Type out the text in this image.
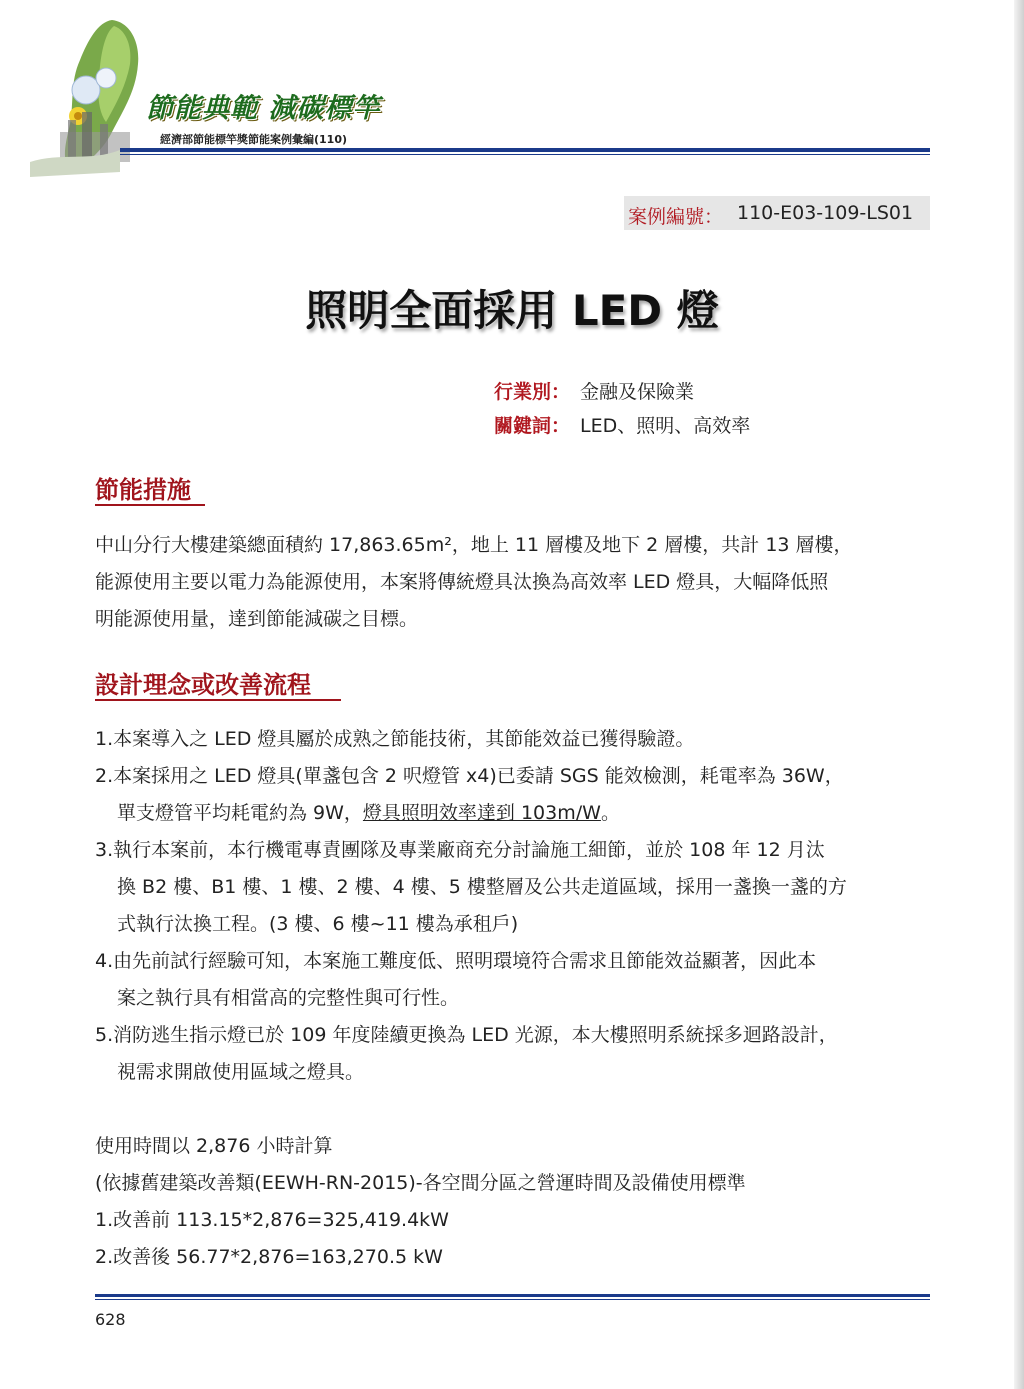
節能典範 減碳標竿
經濟部節能標竿獎節能案例彙編(110)
案例編號： 110-E03-109-LS01
照明全面採用 LED 燈
行業別： 金融及保險業
關鍵詞： LED、照明、高效率
節能措施
中山分行大樓建築總面積約 17,863.65m²，地上 11 層樓及地下 2 層樓，共計 13 層樓，
能源使用主要以電力為能源使用，本案將傳統燈具汰換為高效率 LED 燈具，大幅降低照
明能源使用量，達到節能減碳之目標。
設計理念或改善流程
1.本案導入之 LED 燈具屬於成熟之節能技術，其節能效益已獲得驗證。
2.本案採用之 LED 燈具(單盞包含 2 呎燈管 x4)已委請 SGS 能效檢測，耗電率為 36W，
單支燈管平均耗電約為 9W，燈具照明效率達到 103m/W。
3.執行本案前，本行機電專責團隊及專業廠商充分討論施工細節，並於 108 年 12 月汰
換 B2 樓、B1 樓、1 樓、2 樓、4 樓、5 樓整層及公共走道區域，採用一盞換一盞的方
式執行汰換工程。(3 樓、6 樓~11 樓為承租戶)
4.由先前試行經驗可知，本案施工難度低、照明環境符合需求且節能效益顯著，因此本
案之執行具有相當高的完整性與可行性。
5.消防逃生指示燈已於 109 年度陸續更換為 LED 光源，本大樓照明系統採多迴路設計，
視需求開啟使用區域之燈具。
使用時間以 2,876 小時計算
(依據舊建築改善類(EEWH-RN-2015)-各空間分區之營運時間及設備使用標準
1.改善前 113.15*2,876=325,419.4kW
2.改善後 56.77*2,876=163,270.5 kW
628
